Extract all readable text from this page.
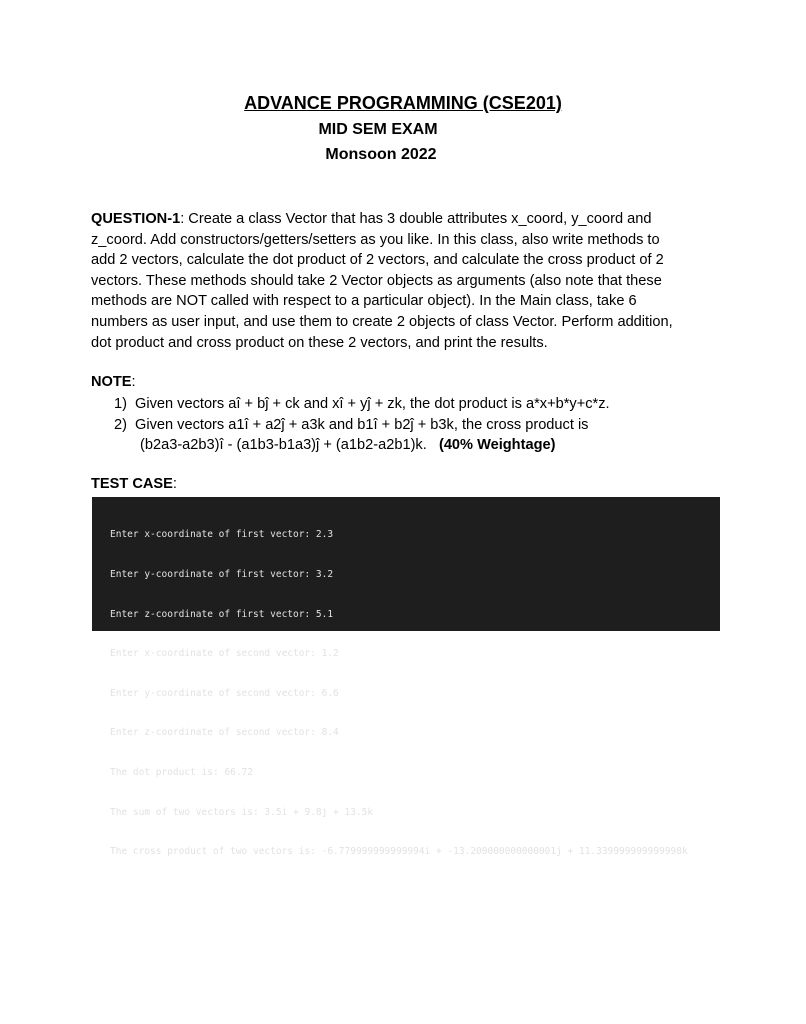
ADVANCE PROGRAMMING (CSE201)
MID SEM EXAM
Monsoon 2022
QUESTION-1: Create a class Vector that has 3 double attributes x_coord, y_coord and z_coord. Add constructors/getters/setters as you like. In this class, also write methods to add 2 vectors, calculate the dot product of 2 vectors, and calculate the cross product of 2 vectors. These methods should take 2 Vector objects as arguments (also note that these methods are NOT called with respect to a particular object). In the Main class, take 6 numbers as user input, and use them to create 2 objects of class Vector. Perform addition, dot product and cross product on these 2 vectors, and print the results.
NOTE:
1) Given vectors aî + bĵ + ck and xî + yĵ + zk, the dot product is a*x+b*y+c*z.
2) Given vectors a1î + a2ĵ + a3k and b1î + b2ĵ + b3k, the cross product is
(b2a3-a2b3)î - (a1b3-b1a3)ĵ + (a1b2-a2b1)k. (40% Weightage)
TEST CASE:

Enter x-coordinate of first vector: 2.3

Enter y-coordinate of first vector: 3.2

Enter z-coordinate of first vector: 5.1

Enter x-coordinate of second vector: 1.2

Enter y-coordinate of second vector: 6.6

Enter z-coordinate of second vector: 8.4

The dot product is: 66.72

The sum of two vectors is: 3.5i + 9.8j + 13.5k

The cross product of two vectors is: -6.779999999999994i + -13.200000000000001j + 11.339999999999998k
